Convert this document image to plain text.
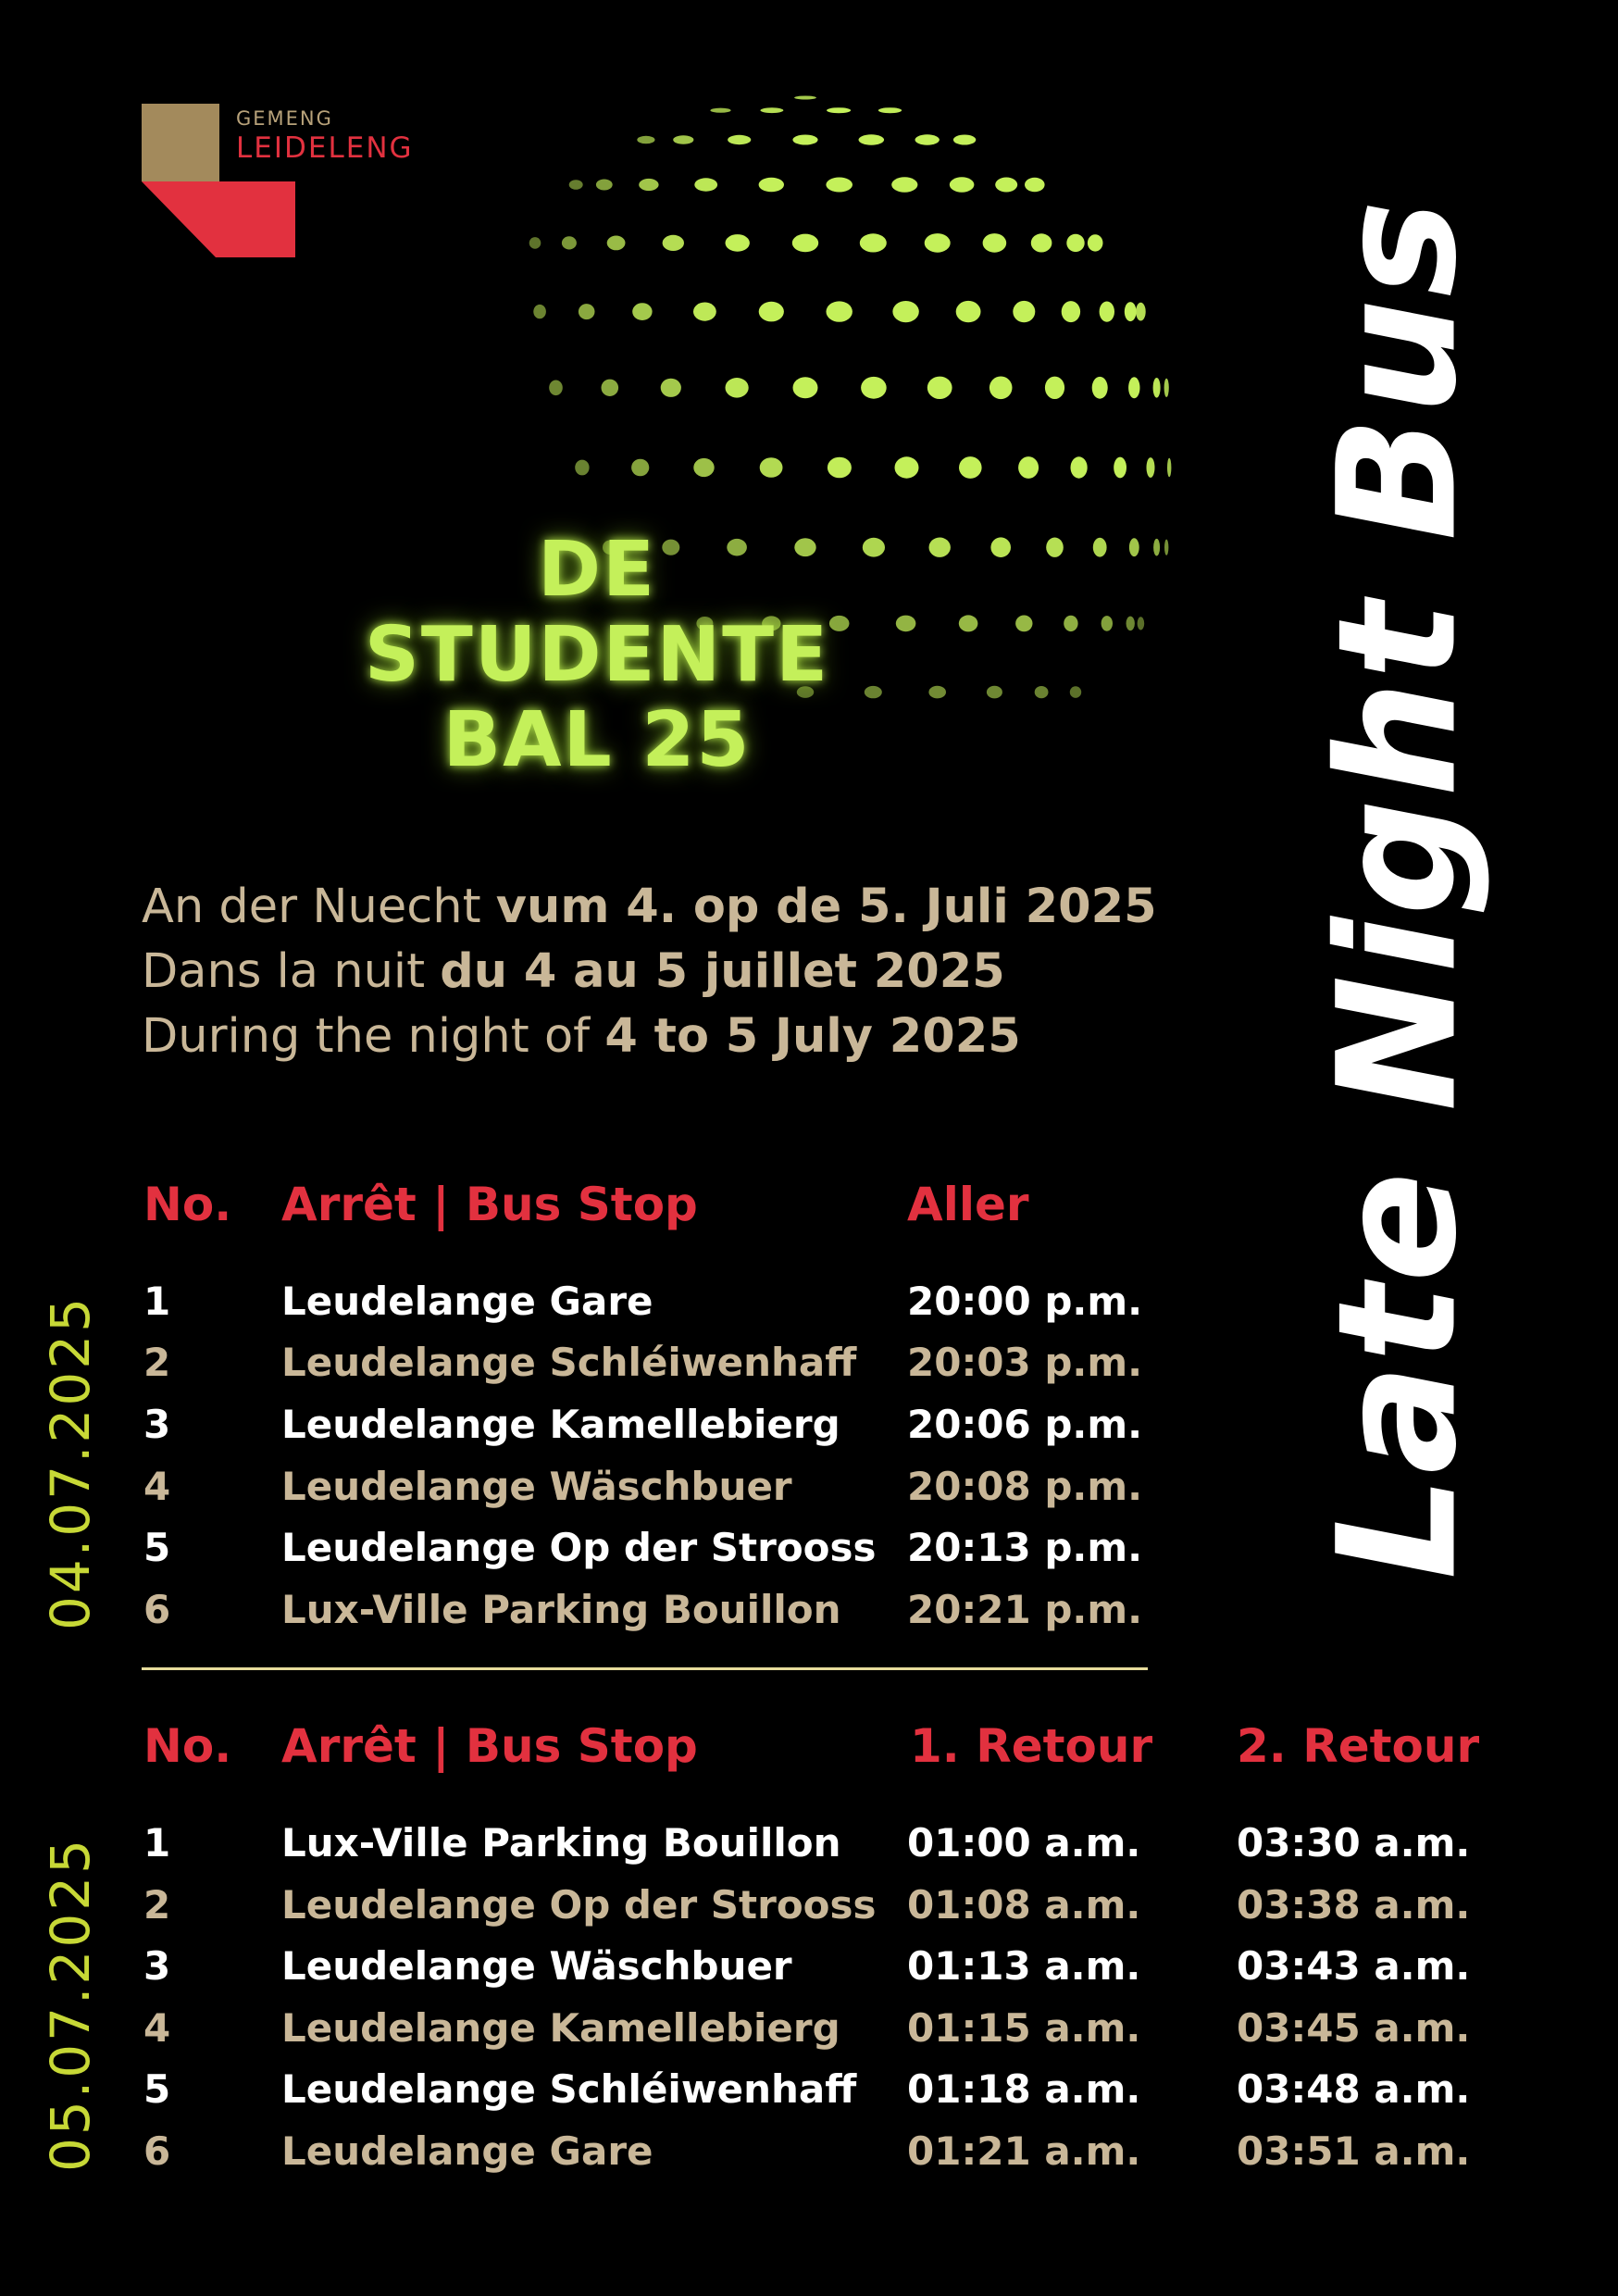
GEMENG
LEIDELENG
DE
STUDENTE
BAL 25
An der Nuecht vum 4. op de 5. Juli 2025
Dans la nuit du 4 au 5 juillet 2025
During the night of 4 to 5 July 2025	Late Night Bus
04.07.2025
No. Arrêt | Bus Stop	Aller
1	Leudelange Gare	20:00 p.m.
2	Leudelange Schléiwenhaff 20:03 p.m.
3	Leudelange Kamellebierg 20:06 p.m.
4	Leudelange Wäschbuer	20:08 p.m.
5	Leudelange Op der Strooss 20:13 p.m.
6	Lux-Ville Parking Bouillon 20:21 p.m.
05.07.2025
No. Arrêt | Bus Stop	1. Retour 2. Retour
1	Lux-Ville Parking Bouillon 01:00 a.m. 03:30 a.m.
2	Leudelange Op der Strooss 01:08 a.m. 03:38 a.m.
3	Leudelange Wäschbuer	01:13 a.m. 03:43 a.m.
4	Leudelange Kamellebierg 01:15 a.m. 03:45 a.m.
5	Leudelange Schléiwenhaff 01:18 a.m. 03:48 a.m.
6	Leudelange Gare	01:21 a.m. 03:51 a.m.
